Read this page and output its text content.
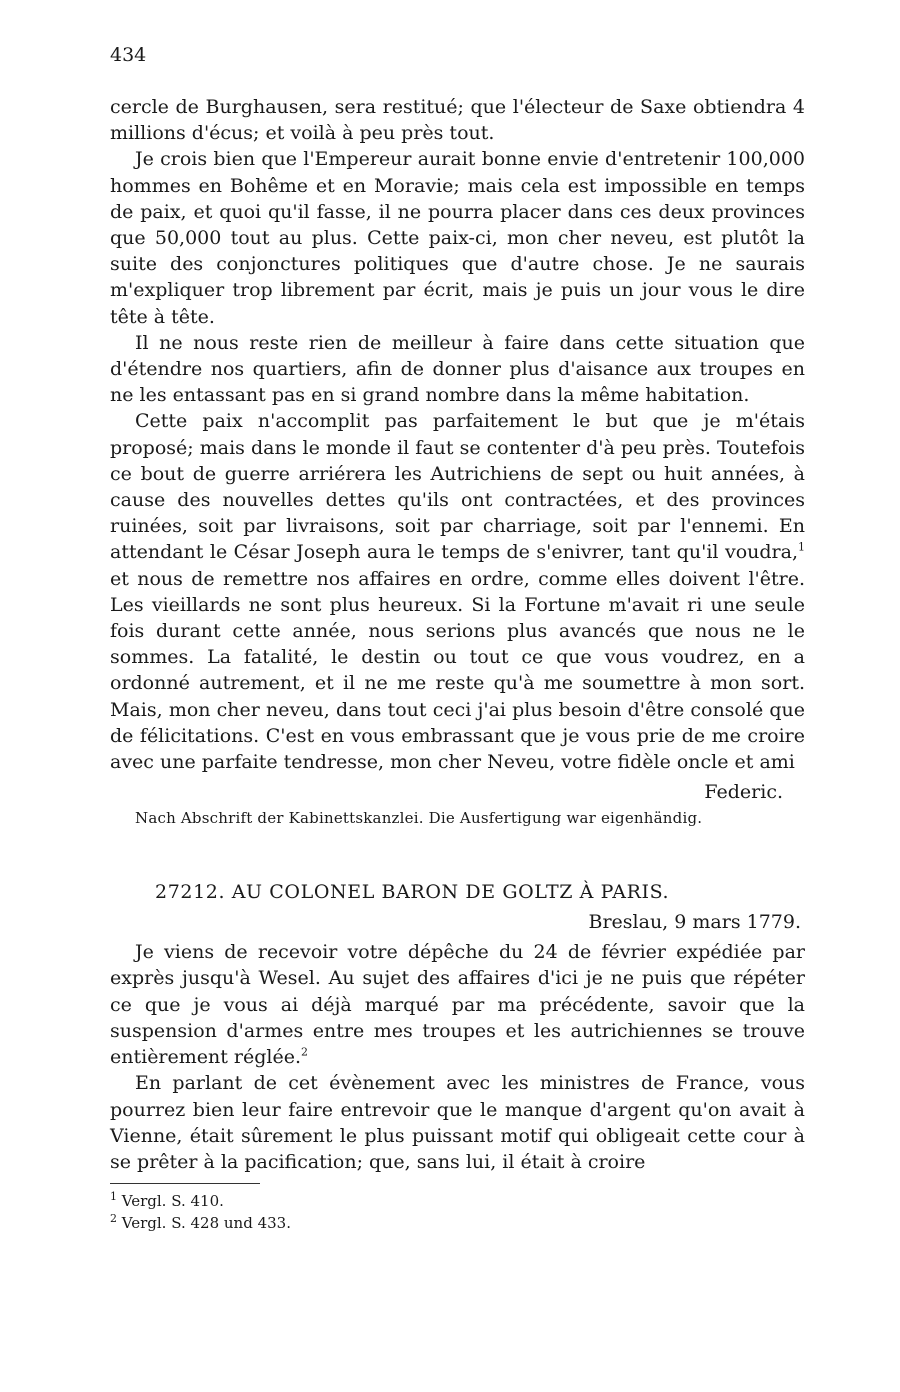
434

cercle de Burghausen, sera restitué; que l'électeur de Saxe obtiendra 4 millions d'écus; et voilà à peu près tout.

Je crois bien que l'Empereur aurait bonne envie d'entretenir 100,000 hommes en Bohême et en Moravie; mais cela est impossible en temps de paix, et quoi qu'il fasse, il ne pourra placer dans ces deux provinces que 50,000 tout au plus. Cette paix-ci, mon cher neveu, est plutôt la suite des conjonctures politiques que d'autre chose. Je ne saurais m'expliquer trop librement par écrit, mais je puis un jour vous le dire tête à tête.

Il ne nous reste rien de meilleur à faire dans cette situation que d'étendre nos quartiers, afin de donner plus d'aisance aux troupes en ne les entassant pas en si grand nombre dans la même habitation.

Cette paix n'accomplit pas parfaitement le but que je m'étais proposé; mais dans le monde il faut se contenter d'à peu près. Toutefois ce bout de guerre arriérera les Autrichiens de sept ou huit années, à cause des nouvelles dettes qu'ils ont contractées, et des provinces ruinées, soit par livraisons, soit par charriage, soit par l'ennemi. En attendant le César Joseph aura le temps de s'enivrer, tant qu'il voudra,$^1$ et nous de remettre nos affaires en ordre, comme elles doivent l'être. Les vieillards ne sont plus heureux. Si la Fortune m'avait ri une seule fois durant cette année, nous serions plus avancés que nous ne le sommes. La fatalité, le destin ou tout ce que vous voudrez, en a ordonné autrement, et il ne me reste qu'à me soumettre à mon sort. Mais, mon cher neveu, dans tout ceci j'ai plus besoin d'être consolé que de félicitations. C'est en vous embrassant que je vous prie de me croire avec une parfaite tendresse, mon cher Neveu, votre fidèle oncle et ami

Federic.
Nach Abschrift der Kabinettskanzlei. Die Ausfertigung war eigenhändig.
27212. AU COLONEL BARON DE GOLTZ À PARIS.
Breslau, 9 mars 1779.

Je viens de recevoir votre dépêche du 24 de février expédiée par exprès jusqu'à Wesel. Au sujet des affaires d'ici je ne puis que répéter ce que je vous ai déjà marqué par ma précédente, savoir que la suspension d'armes entre mes troupes et les autrichiennes se trouve entièrement réglée.$^2$

En parlant de cet évènement avec les ministres de France, vous pourrez bien leur faire entrevoir que le manque d'argent qu'on avait à Vienne, était sûrement le plus puissant motif qui obligeait cette cour à se prêter à la pacification; que, sans lui, il était à croire

$^1$ Vergl. S. 410.
$^2$ Vergl. S. 428 und 433.
